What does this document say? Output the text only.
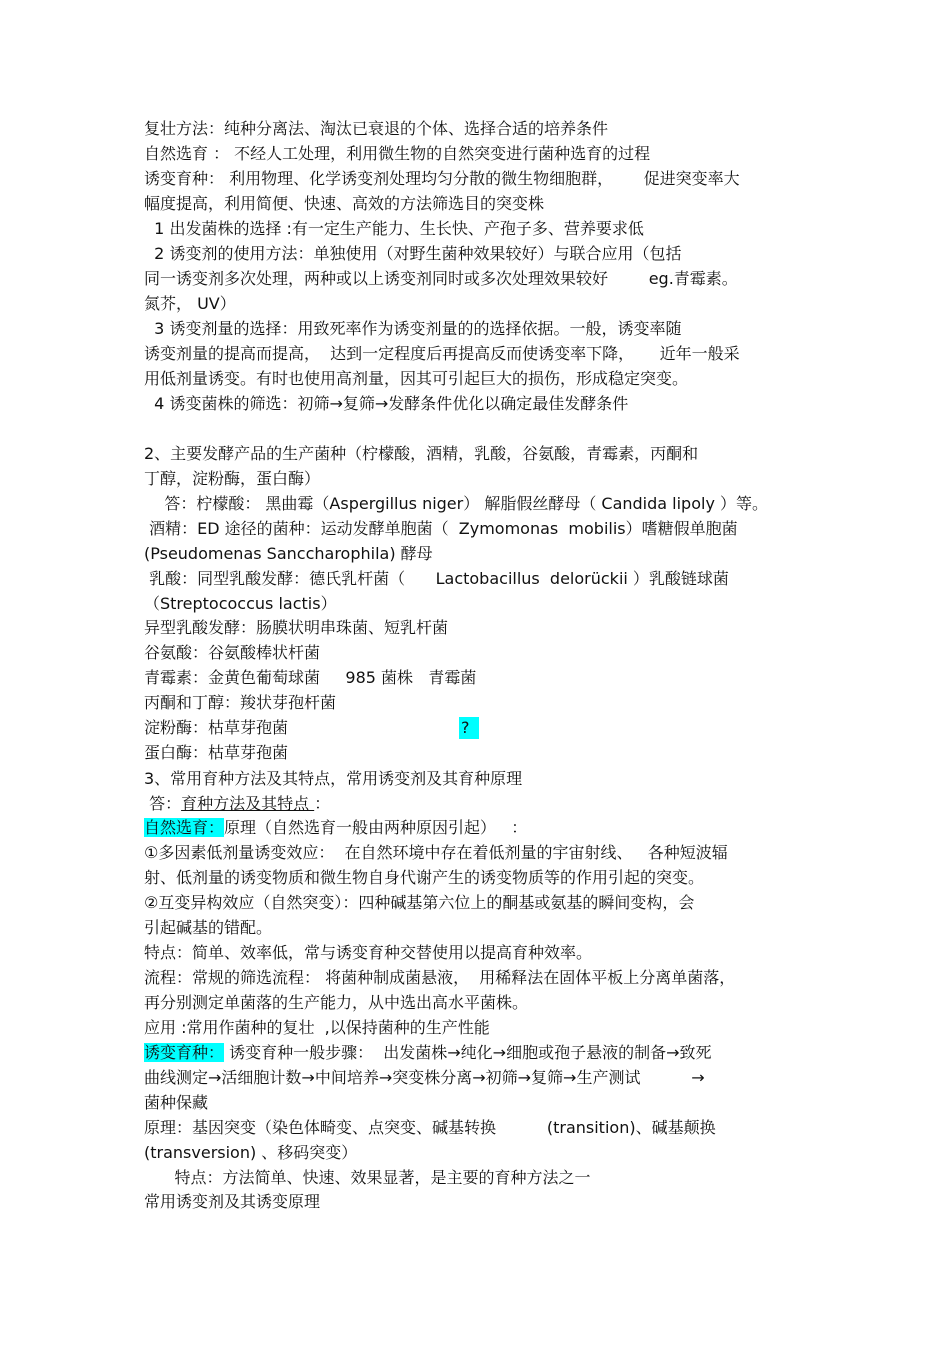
复壮方法：纯种分离法、淘汰已衰退的个体、选择合适的培养条件

自然选育 ： 不经人工处理，利用微生物的自然突变进行菌种选育的过程

诱变育种： 利用物理、化学诱变剂处理均匀分散的微生物细胞群，      促进突变率大

幅度提高，利用简便、快速、高效的方法筛选目的突变株

1 出发菌株的选择 :有一定生产能力、生长快、产孢子多、营养要求低

2 诱变剂的使用方法：单独使用（对野生菌种效果较好）与联合应用（包括

同一诱变剂多次处理，两种或以上诱变剂同时或多次处理效果较好        eg.青霉素。

氮芥， UV）

3 诱变剂量的选择：用致死率作为诱变剂量的的选择依据。一般，诱变率随

诱变剂量的提高而提高，  达到一定程度后再提高反而使诱变率下降，     近年一般采

用低剂量诱变。有时也使用高剂量，因其可引起巨大的损伤，形成稳定突变。

4 诱变菌株的筛选：初筛→复筛→发酵条件优化以确定最佳发酵条件

2、主要发酵产品的生产菌种（柠檬酸，酒精，乳酸，谷氨酸，青霉素，丙酮和

丁醇，淀粉酶，蛋白酶）

答：柠檬酸： 黑曲霉（Aspergillus niger） 解脂假丝酵母（ Candida lipoly ）等。

酒精：ED 途径的菌种：运动发酵单胞菌（  Zymomonas  mobilis）嗜糖假单胞菌

(Pseudomenas Sanccharophila) 酵母

乳酸：同型乳酸发酵：德氏乳杆菌（      Lactobacillus  delorückii ）乳酸链球菌

（Streptococcus lactis）

异型乳酸发酵：肠膜状明串珠菌、短乳杆菌

谷氨酸：谷氨酸棒状杆菌

青霉素：金黄色葡萄球菌     985 菌株   青霉菌

丙酮和丁醇：羧状芽孢杆菌

淀粉酶：枯草芽孢菌	?

蛋白酶：枯草芽孢菌

3、常用育种方法及其特点，常用诱变剂及其育种原理

答：育种方法及其特点 ：

自然选育：原理（自然选育一般由两种原因引起）   ：

①多因素低剂量诱变效应：  在自然环境中存在着低剂量的宇宙射线、   各种短波辐

射、低剂量的诱变物质和微生物自身代谢产生的诱变物质等的作用引起的突变。

②互变异构效应（自然突变）：四种碱基第六位上的酮基或氨基的瞬间变构，会

引起碱基的错配。

特点：简单、效率低，常与诱变育种交替使用以提高育种效率。

流程：常规的筛选流程： 将菌种制成菌悬液，  用稀释法在固体平板上分离单菌落，

再分别测定单菌落的生产能力，从中选出高水平菌株。

应用 :常用作菌种的复壮  ,以保持菌种的生产性能

诱变育种： 诱变育种一般步骤：  出发菌株→纯化→细胞或孢子悬液的制备→致死

曲线测定→活细胞计数→中间培养→突变株分离→初筛→复筛→生产测试          →

菌种保藏

原理：基因突变（染色体畸变、点突变、碱基转换          (transition)、碱基颠换

(transversion) 、移码突变）

特点：方法简单、快速、效果显著，是主要的育种方法之一

常用诱变剂及其诱变原理
